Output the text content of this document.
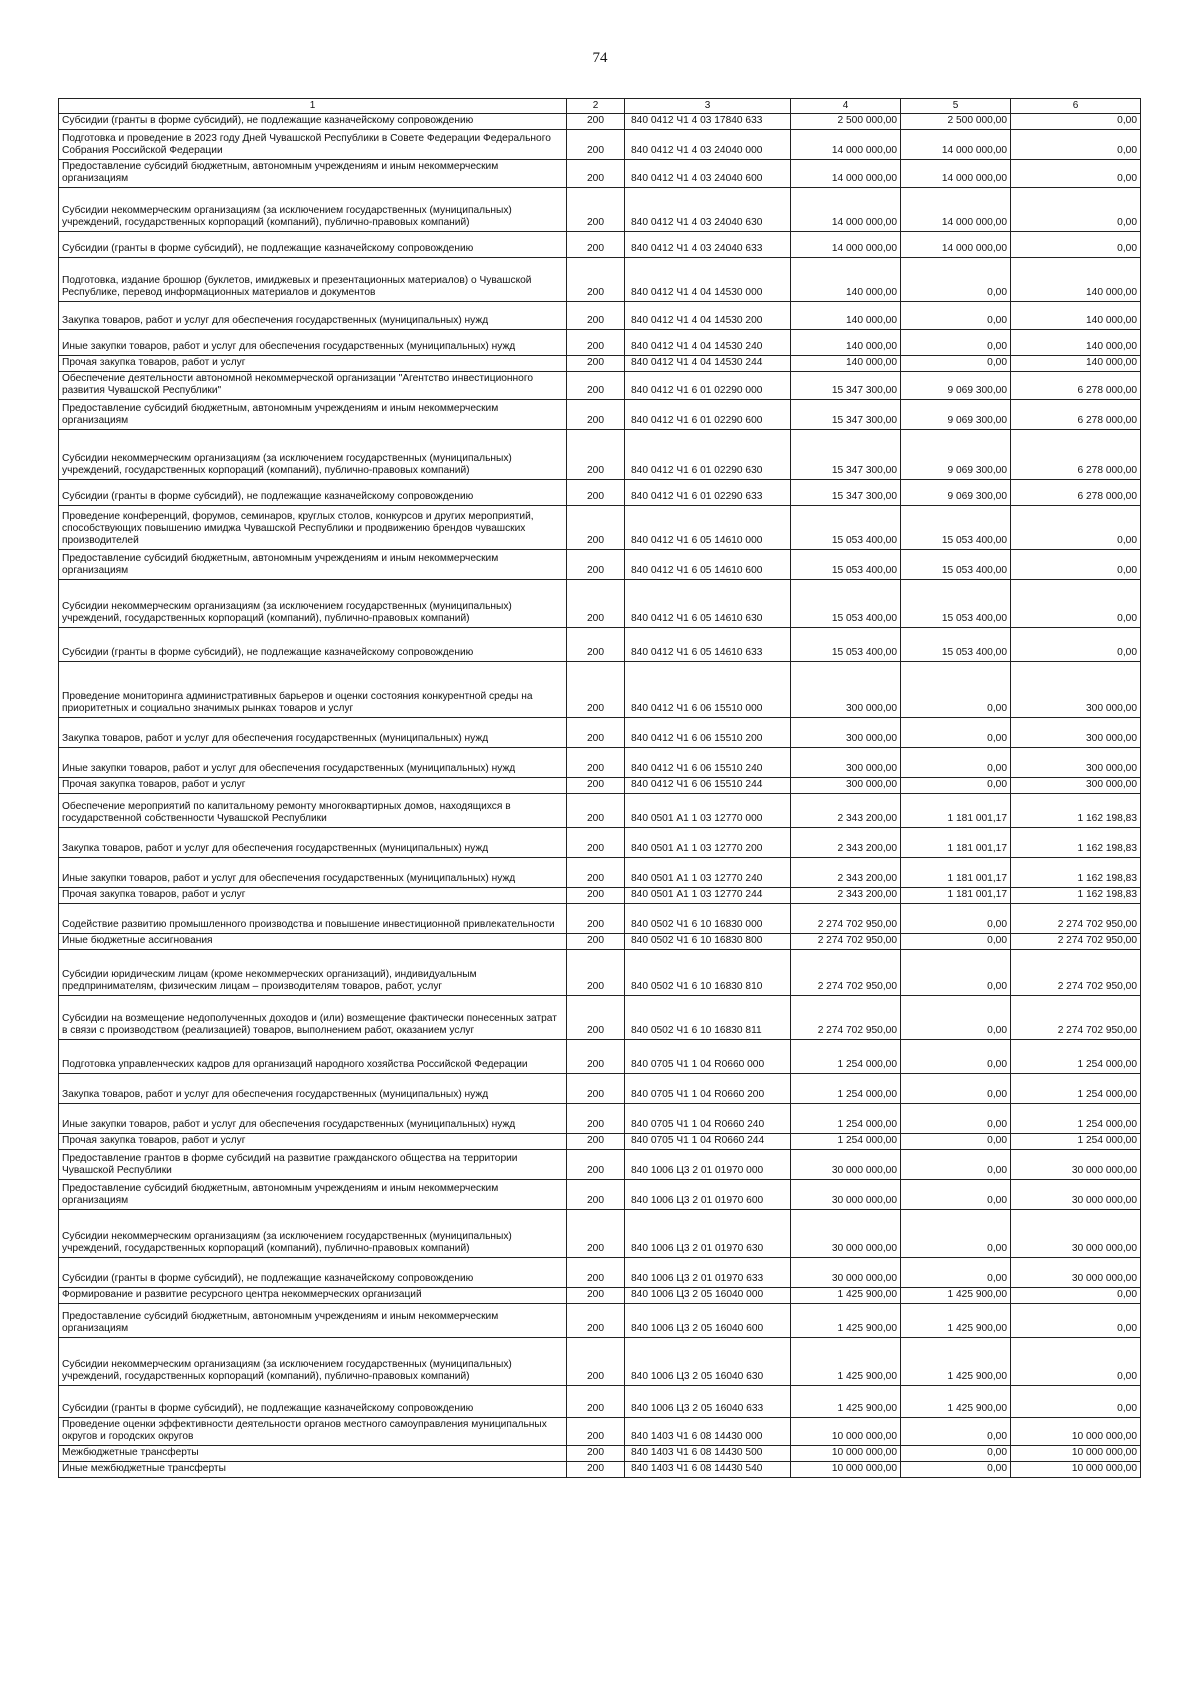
74
1	2	3	4	5	6
Субсидии (гранты в форме субсидий), не подлежащие казначейскому сопровождению	200	840 0412 Ч1 4 03 17840 633	2 500 000,00	2 500 000,00	0,00
Подготовка и проведение в 2023 году Дней Чувашской Республики в Совете Федерации Федерального Собрания Российской Федерации	200	840 0412 Ч1 4 03 24040 000	14 000 000,00	14 000 000,00	0,00
Предоставление субсидий бюджетным, автономным учреждениям и иным некоммерческим организациям	200	840 0412 Ч1 4 03 24040 600	14 000 000,00	14 000 000,00	0,00
Субсидии некоммерческим организациям (за исключением государственных (муниципальных) учреждений, государственных корпораций (компаний), публично-правовых компаний)	200	840 0412 Ч1 4 03 24040 630	14 000 000,00	14 000 000,00	0,00
Субсидии (гранты в форме субсидий), не подлежащие казначейскому сопровождению	200	840 0412 Ч1 4 03 24040 633	14 000 000,00	14 000 000,00	0,00
Подготовка, издание брошюр (буклетов, имиджевых и презентационных материалов) о Чувашской Республике, перевод информационных материалов и документов	200	840 0412 Ч1 4 04 14530 000	140 000,00	0,00	140 000,00
Закупка товаров, работ и услуг для обеспечения государственных (муниципальных) нужд	200	840 0412 Ч1 4 04 14530 200	140 000,00	0,00	140 000,00
Иные закупки товаров, работ и услуг для обеспечения государственных (муниципальных) нужд	200	840 0412 Ч1 4 04 14530 240	140 000,00	0,00	140 000,00
Прочая закупка товаров, работ и услуг	200	840 0412 Ч1 4 04 14530 244	140 000,00	0,00	140 000,00
Обеспечение деятельности автономной некоммерческой организации "Агентство инвестиционного развития Чувашской Республики"	200	840 0412 Ч1 6 01 02290 000	15 347 300,00	9 069 300,00	6 278 000,00
Предоставление субсидий бюджетным, автономным учреждениям и иным некоммерческим организациям	200	840 0412 Ч1 6 01 02290 600	15 347 300,00	9 069 300,00	6 278 000,00
Субсидии некоммерческим организациям (за исключением государственных (муниципальных) учреждений, государственных корпораций (компаний), публично-правовых компаний)	200	840 0412 Ч1 6 01 02290 630	15 347 300,00	9 069 300,00	6 278 000,00
Субсидии (гранты в форме субсидий), не подлежащие казначейскому сопровождению	200	840 0412 Ч1 6 01 02290 633	15 347 300,00	9 069 300,00	6 278 000,00
Проведение конференций, форумов, семинаров, круглых столов, конкурсов и других мероприятий, способствующих повышению имиджа Чувашской Республики и продвижению брендов чувашских производителей	200	840 0412 Ч1 6 05 14610 000	15 053 400,00	15 053 400,00	0,00
Предоставление субсидий бюджетным, автономным учреждениям и иным некоммерческим организациям	200	840 0412 Ч1 6 05 14610 600	15 053 400,00	15 053 400,00	0,00
Субсидии некоммерческим организациям (за исключением государственных (муниципальных) учреждений, государственных корпораций (компаний), публично-правовых компаний)	200	840 0412 Ч1 6 05 14610 630	15 053 400,00	15 053 400,00	0,00
Субсидии (гранты в форме субсидий), не подлежащие казначейскому сопровождению	200	840 0412 Ч1 6 05 14610 633	15 053 400,00	15 053 400,00	0,00
Проведение мониторинга административных барьеров и оценки состояния конкурентной среды на приоритетных и социально значимых рынках товаров и услуг	200	840 0412 Ч1 6 06 15510 000	300 000,00	0,00	300 000,00
Закупка товаров, работ и услуг для обеспечения государственных (муниципальных) нужд	200	840 0412 Ч1 6 06 15510 200	300 000,00	0,00	300 000,00
Иные закупки товаров, работ и услуг для обеспечения государственных (муниципальных) нужд	200	840 0412 Ч1 6 06 15510 240	300 000,00	0,00	300 000,00
Прочая закупка товаров, работ и услуг	200	840 0412 Ч1 6 06 15510 244	300 000,00	0,00	300 000,00
Обеспечение мероприятий по капитальному ремонту многоквартирных домов, находящихся в государственной собственности Чувашской Республики	200	840 0501 А1 1 03 12770 000	2 343 200,00	1 181 001,17	1 162 198,83
Закупка товаров, работ и услуг для обеспечения государственных (муниципальных) нужд	200	840 0501 А1 1 03 12770 200	2 343 200,00	1 181 001,17	1 162 198,83
Иные закупки товаров, работ и услуг для обеспечения государственных (муниципальных) нужд	200	840 0501 А1 1 03 12770 240	2 343 200,00	1 181 001,17	1 162 198,83
Прочая закупка товаров, работ и услуг	200	840 0501 А1 1 03 12770 244	2 343 200,00	1 181 001,17	1 162 198,83
Содействие развитию промышленного производства и повышение инвестиционной привлекательности	200	840 0502 Ч1 6 10 16830 000	2 274 702 950,00	0,00	2 274 702 950,00
Иные бюджетные ассигнования	200	840 0502 Ч1 6 10 16830 800	2 274 702 950,00	0,00	2 274 702 950,00
Субсидии юридическим лицам (кроме некоммерческих организаций), индивидуальным предпринимателям, физическим лицам – производителям товаров, работ, услуг	200	840 0502 Ч1 6 10 16830 810	2 274 702 950,00	0,00	2 274 702 950,00
Субсидии на возмещение недополученных доходов и (или) возмещение фактически понесенных затрат в связи с производством (реализацией) товаров, выполнением работ, оказанием услуг	200	840 0502 Ч1 6 10 16830 811	2 274 702 950,00	0,00	2 274 702 950,00
Подготовка управленческих кадров для организаций народного хозяйства Российской Федерации	200	840 0705 Ч1 1 04 R0660 000	1 254 000,00	0,00	1 254 000,00
Закупка товаров, работ и услуг для обеспечения государственных (муниципальных) нужд	200	840 0705 Ч1 1 04 R0660 200	1 254 000,00	0,00	1 254 000,00
Иные закупки товаров, работ и услуг для обеспечения государственных (муниципальных) нужд	200	840 0705 Ч1 1 04 R0660 240	1 254 000,00	0,00	1 254 000,00
Прочая закупка товаров, работ и услуг	200	840 0705 Ч1 1 04 R0660 244	1 254 000,00	0,00	1 254 000,00
Предоставление грантов в форме субсидий на развитие гражданского общества на территории Чувашской Республики	200	840 1006 Ц3 2 01 01970 000	30 000 000,00	0,00	30 000 000,00
Предоставление субсидий бюджетным, автономным учреждениям и иным некоммерческим организациям	200	840 1006 Ц3 2 01 01970 600	30 000 000,00	0,00	30 000 000,00
Субсидии некоммерческим организациям (за исключением государственных (муниципальных) учреждений, государственных корпораций (компаний), публично-правовых компаний)	200	840 1006 Ц3 2 01 01970 630	30 000 000,00	0,00	30 000 000,00
Субсидии (гранты в форме субсидий), не подлежащие казначейскому сопровождению	200	840 1006 Ц3 2 01 01970 633	30 000 000,00	0,00	30 000 000,00
Формирование и развитие ресурсного центра некоммерческих организаций	200	840 1006 Ц3 2 05 16040 000	1 425 900,00	1 425 900,00	0,00
Предоставление субсидий бюджетным, автономным учреждениям и иным некоммерческим организациям	200	840 1006 Ц3 2 05 16040 600	1 425 900,00	1 425 900,00	0,00
Субсидии некоммерческим организациям (за исключением государственных (муниципальных) учреждений, государственных корпораций (компаний), публично-правовых компаний)	200	840 1006 Ц3 2 05 16040 630	1 425 900,00	1 425 900,00	0,00
Субсидии (гранты в форме субсидий), не подлежащие казначейскому сопровождению	200	840 1006 Ц3 2 05 16040 633	1 425 900,00	1 425 900,00	0,00
Проведение оценки эффективности деятельности органов местного самоуправления муниципальных округов и городских округов	200	840 1403 Ч1 6 08 14430 000	10 000 000,00	0,00	10 000 000,00
Межбюджетные трансферты	200	840 1403 Ч1 6 08 14430 500	10 000 000,00	0,00	10 000 000,00
Иные межбюджетные трансферты	200	840 1403 Ч1 6 08 14430 540	10 000 000,00	0,00	10 000 000,00
